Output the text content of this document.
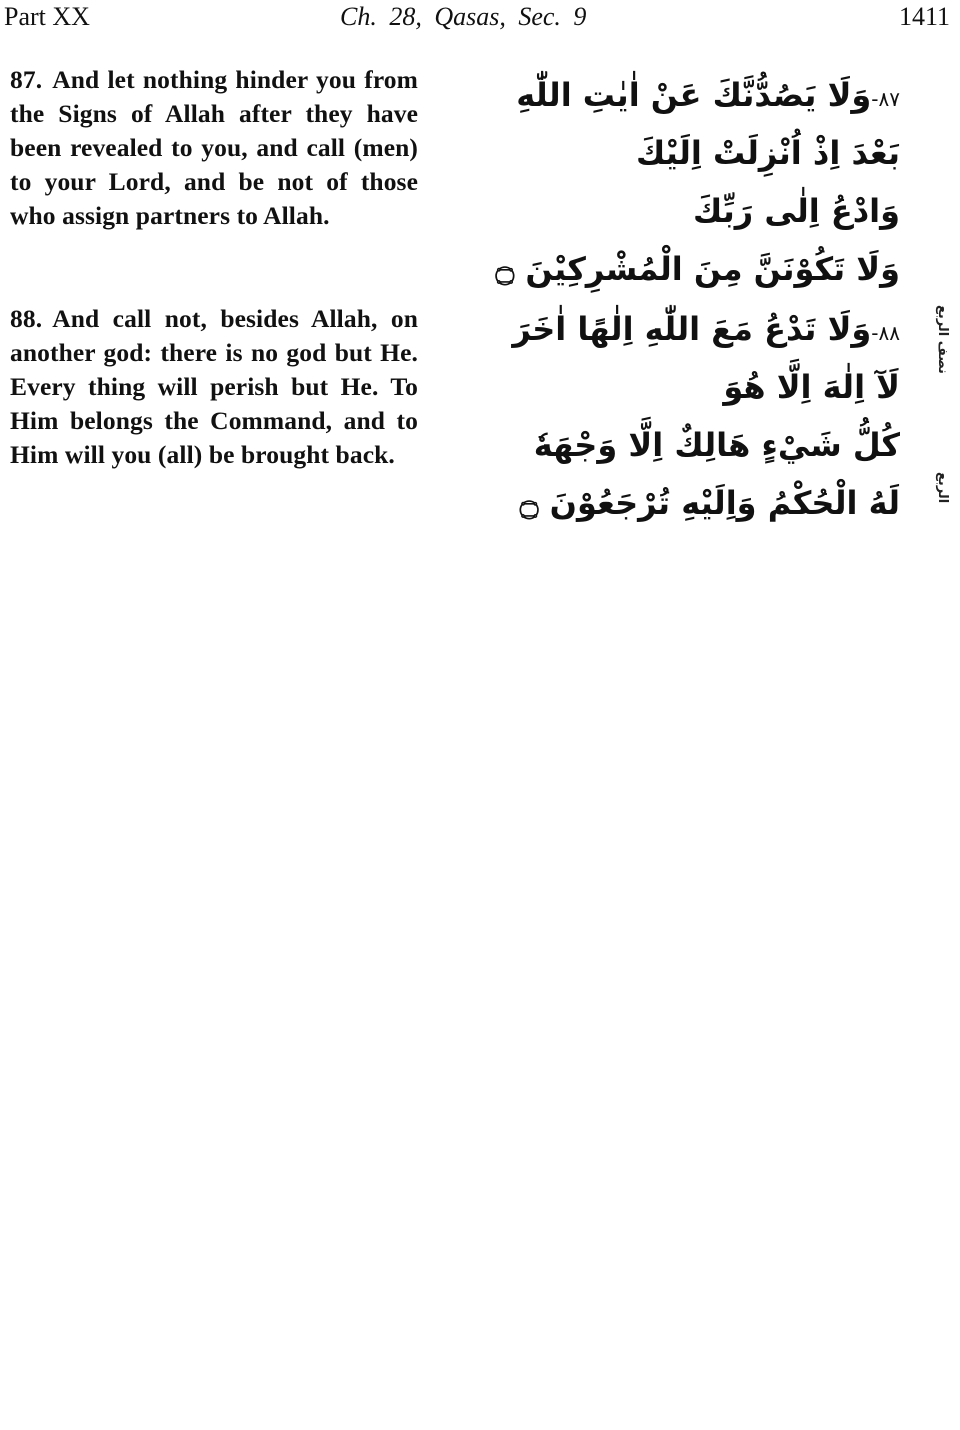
Part XX	Ch. 28, Qasas, Sec. 9	1411
87. And let nothing hinder you from the Signs of Allah after they have been revealed to you, and call (men) to your Lord, and be not of those who assign partners to Allah.
٨٧-وَلَا يَصُدُّنَّكَ عَنْ اٰيٰتِ اللّٰهِ
بَعْدَ اِذْ اُنْزِلَتْ اِلَيْكَ
وَادْعُ اِلٰى رَبِّكَ
وَلَا تَكُوْنَنَّ مِنَ الْمُشْرِكِيْنَ ۝
88. And call not, besides Allah, on another god: there is no god but He. Every thing will perish but He. To Him belongs the Command, and to Him will you (all) be brought back.
٨٨-وَلَا تَدْعُ مَعَ اللّٰهِ اِلٰهًا اٰخَرَ
لَآ اِلٰهَ اِلَّا هُوَ
كُلُّ شَيْءٍ هَالِكٌ اِلَّا وَجْهَهٗ
لَهُ الْحُكْمُ وَاِلَيْهِ تُرْجَعُوْنَ ۝
نصف الربع
الربع
